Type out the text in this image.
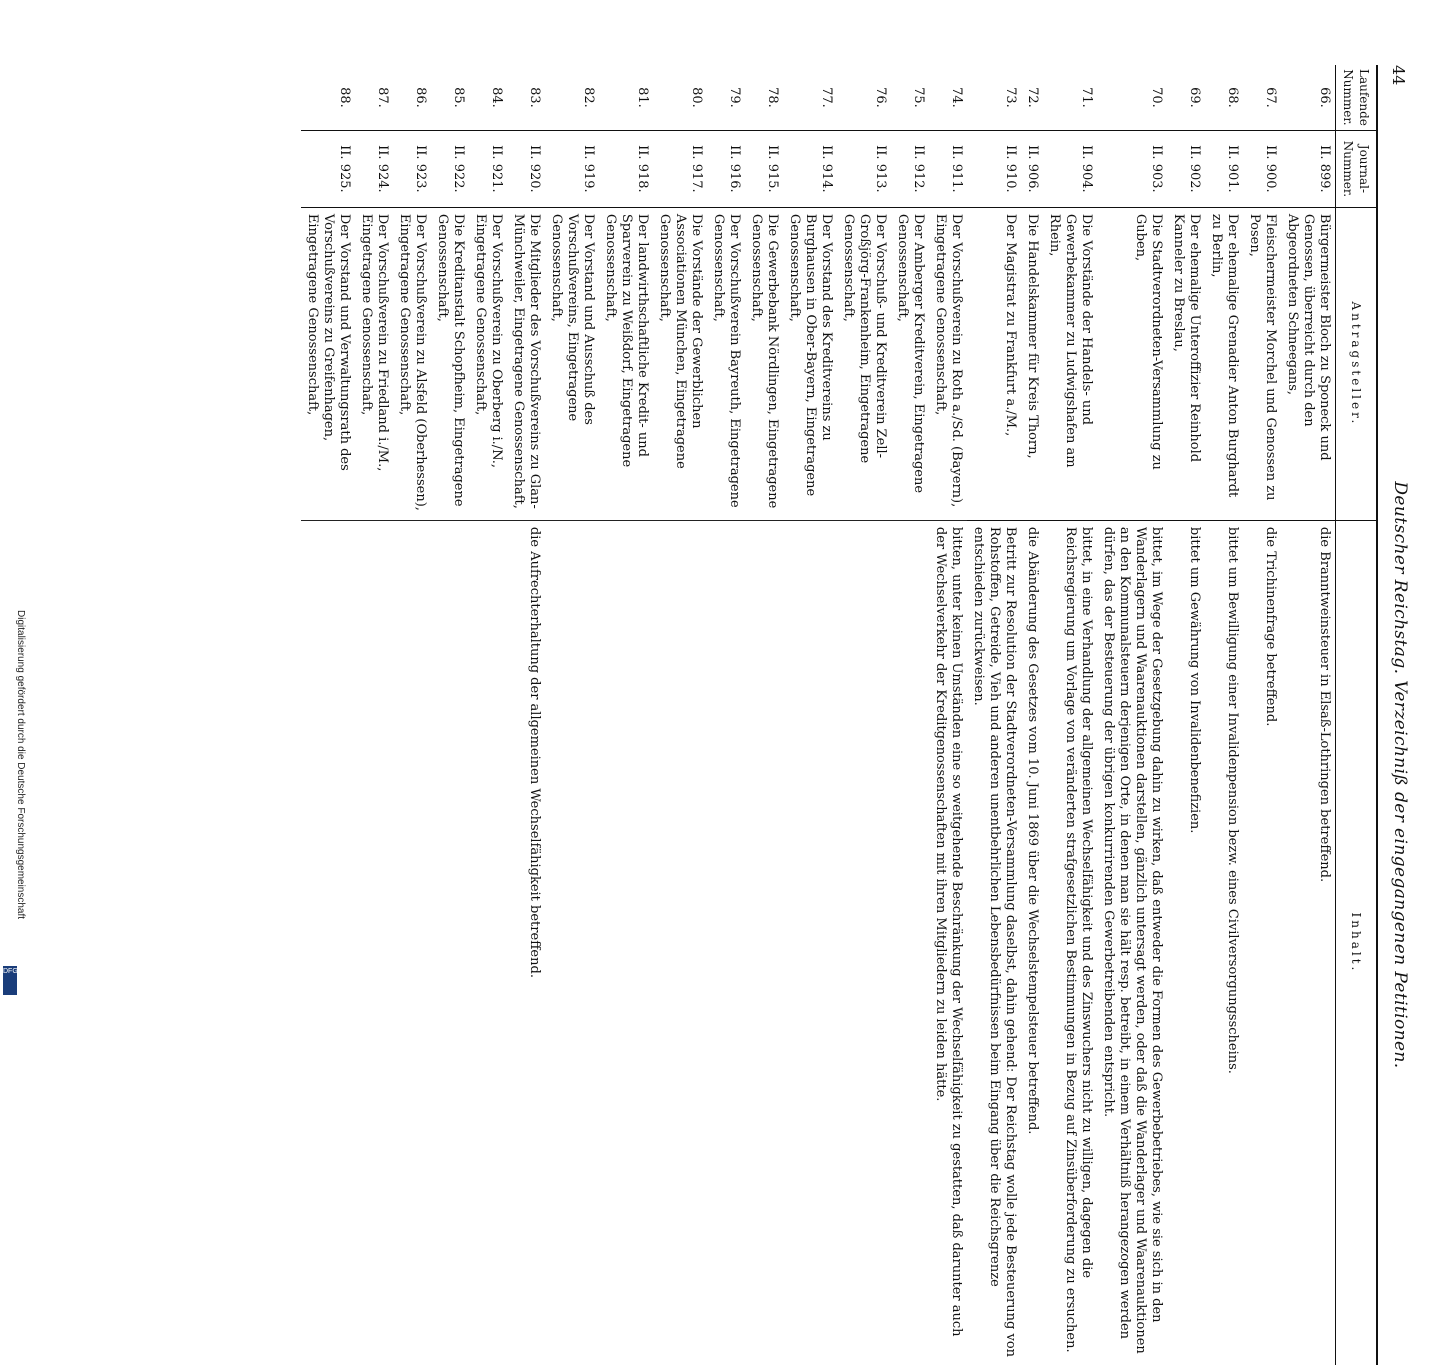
44
Deutscher Reichstag. Verzeichniß der eingegangenen Petitionen.
Laufende Nummer.	Journal-Nummer.	Antragsteller.	Inhalt.
66.	II. 899.	Bürgermeister Bloch zu Sponeck und Genossen, überreicht durch den Abgeordneten Schneegans,	die Branntweinsteuer in Elsaß-Lothringen betreffend.
67.	II. 900.	Fleischermeister Morchel und Genossen zu Posen,	die Trichinenfrage betreffend.
68.	II. 901.	Der ehemalige Grenadier Anton Burghardt zu Berlin,	bittet um Bewilligung einer Invalidenpension bezw. eines Civilversorgungsscheins.
69.	II. 902.	Der ehemalige Unteroffizier Reinhold Kanneler zu Breslau,	bittet um Gewährung von Invalidenbenefizien.
70.	II. 903.	Die Stadtverordneten-Versammlung zu Guben,	bittet, im Wege der Gesetzgebung dahin zu wirken, daß entweder die Formen des Gewerbebetriebes, wie sie sich in den Wanderlagern und Waarenauktionen darstellen, gänzlich untersagt werden, oder daß die Wanderlager und Waarenauktionen an den Kommunalsteuern derjenigen Orte, in denen man sie hält resp. betreibt, in einem Verhältniß herangezogen werden dürfen, das der Besteuerung der übrigen konkurrirenden Gewerbetreibenden entspricht.
71.	II. 904.	Die Vorstände der Handels- und Gewerbekammer zu Ludwigshafen am Rhein,	bittet, in eine Verhandlung der allgemeinen Wechselfähigkeit und des Zinswuchers nicht zu willigen, dagegen die Reichsregierung um Vorlage von veränderten strafgesetzlichen Bestimmungen in Bezug auf Zinsüberforderung zu ersuchen.
72.	II. 906.	Die Handelskammer für Kreis Thorn,	die Abänderung des Gesetzes vom 10. Juni 1869 über die Wechselstempelsteuer betreffend.
73.	II. 910.	Der Magistrat zu Frankfurt a./M.,	Betritt zur Resolution der Stadtverordneten-Versammlung daselbst, dahin gehend: Der Reichstag wolle jede Besteuerung von Rohstoffen, Getreide, Vieh und anderen unentbehrlichen Lebensbedürfnissen beim Eingang über die Reichsgrenze entschieden zurückweisen.
74.	II. 911.	Der Vorschußverein zu Roth a./Sd. (Bayern), Eingetragene Genossenschaft,	bitten, unter keinen Umständen eine so weitgehende Beschränkung der Wechselfähigkeit zu gestatten, daß darunter auch der Wechselverkehr der Kreditgenossenschaften mit ihren Mitgliedern zu leiden hätte.
75.	II. 912.	Der Amberger Kreditverein, Eingetragene Genossenschaft,	
76.	II. 913.	Der Vorschuß- und Kreditverein Zell-Großjörg-Frankenheim, Eingetragene Genossenschaft,	
77.	II. 914.	Der Vorstand des Kreditvereins zu Burghausen in Ober-Bayern, Eingetragene Genossenschaft,	
78.	II. 915.	Die Gewerbebank Nördlingen, Eingetragene Genossenschaft,	
79.	II. 916.	Der Vorschußverein Bayreuth, Eingetragene Genossenschaft,	
80.	II. 917.	Die Vorstände der Gewerblichen Associationen München, Eingetragene Genossenschaft,	
81.	II. 918.	Der landwirthschaftliche Kredit- und Sparverein zu Weißdorf, Eingetragene Genossenschaft,	
82.	II. 919.	Der Vorstand und Ausschuß des Vorschußvereins, Eingetragene Genossenschaft,	
83.	II. 920.	Die Mitglieder des Vorschußvereins zu Glan-Münchweiler, Eingetragene Genossenschaft,	die Aufrechterhaltung der allgemeinen Wechselfähigkeit betreffend.
84.	II. 921.	Der Vorschußverein zu Oberberg i./N., Eingetragene Genossenschaft,	
85.	II. 922.	Die Kreditanstalt Schopfheim, Eingetragene Genossenschaft,	
86.	II. 923.	Der Vorschußverein zu Alsfeld (Oberhessen), Eingetragene Genossenschaft,	
87.	II. 924.	Der Vorschußverein zu Friedland i./M., Eingetragene Genossenschaft,	
88.	II. 925.	Der Vorstand und Verwaltungsrath des Vorschußvereins zu Greifenhagen, Eingetragene Genossenschaft,	
Digitalisierung gefördert durch die Deutsche Forschungsgemeinschaft
DFG
